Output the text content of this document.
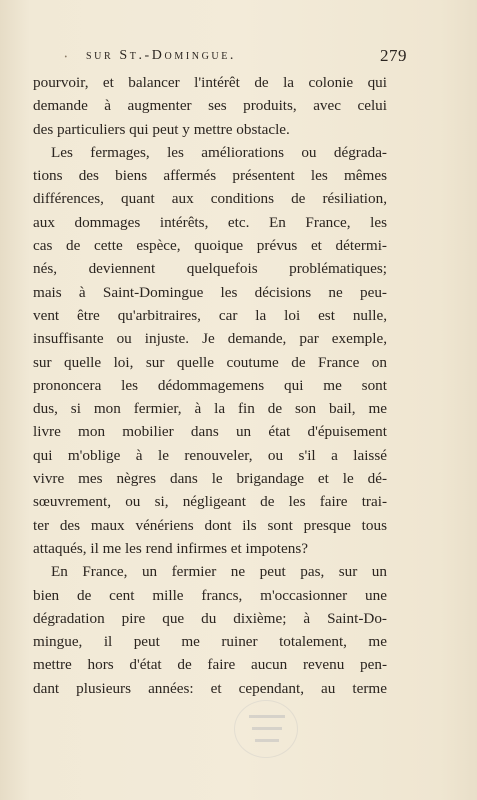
• sur St.-Domingue.	279
pourvoir, et balancer l'intérêt de la colonie qui
demande à augmenter ses produits, avec celui
des particuliers qui peut y mettre obstacle.
Les fermages, les améliorations ou dégrada-
tions des biens affermés présentent les mêmes
différences, quant aux conditions de résiliation,
aux dommages intérêts, etc. En France, les
cas de cette espèce, quoique prévus et détermi-
nés, deviennent quelquefois problématiques;
mais à Saint-Domingue les décisions ne peu-
vent être qu'arbitraires, car la loi est nulle,
insuffisante ou injuste. Je demande, par exemple,
sur quelle loi, sur quelle coutume de France on
prononcera les dédommagemens qui me sont
dus, si mon fermier, à la fin de son bail, me
livre mon mobilier dans un état d'épuisement
qui m'oblige à le renouveler, ou s'il a laissé
vivre mes nègres dans le brigandage et le dé-
sœuvrement, ou si, négligeant de les faire trai-
ter des maux vénériens dont ils sont presque tous
attaqués, il me les rend infirmes et impotens?
En France, un fermier ne peut pas, sur un
bien de cent mille francs, m'occasionner une
dégradation pire que du dixième; à Saint-Do-
mingue, il peut me ruiner totalement, me
mettre hors d'état de faire aucun revenu pen-
dant plusieurs années: et cependant, au terme
